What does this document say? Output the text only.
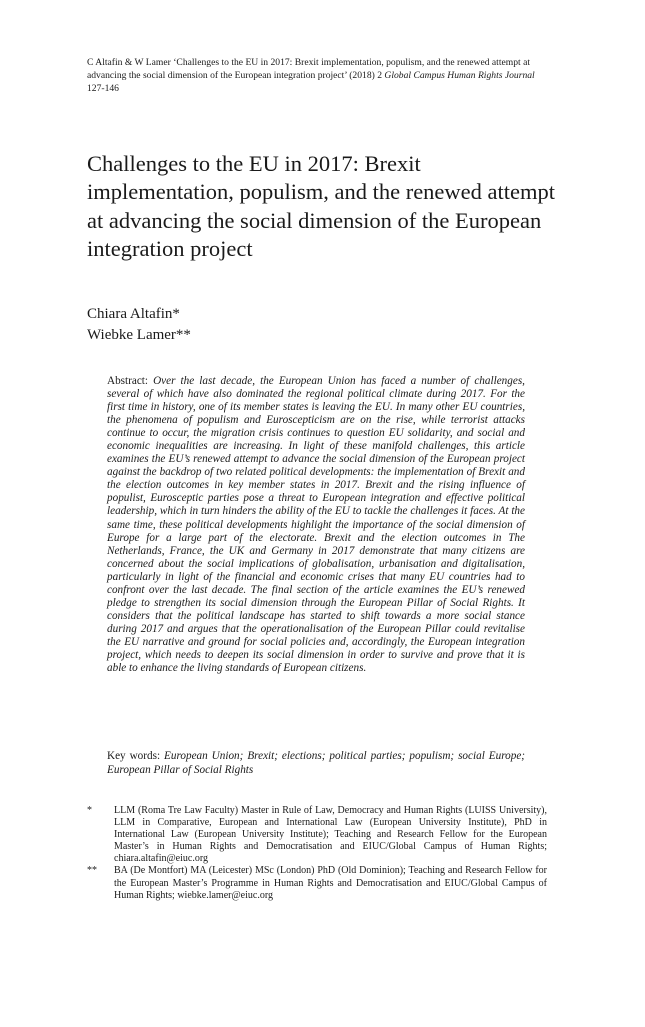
C Altafin & W Lamer ‘Challenges to the EU in 2017: Brexit implementation, populism, and the renewed attempt at advancing the social dimension of the European integration project’ (2018) 2 Global Campus Human Rights Journal 127-146
Challenges to the EU in 2017: Brexit implementation, populism, and the renewed attempt at advancing the social dimension of the European integration project
Chiara Altafin*
Wiebke Lamer**
Abstract: Over the last decade, the European Union has faced a number of challenges, several of which have also dominated the regional political climate during 2017. For the first time in history, one of its member states is leaving the EU. In many other EU countries, the phenomena of populism and Euroscepticism are on the rise, while terrorist attacks continue to occur, the migration crisis continues to question EU solidarity, and social and economic inequalities are increasing. In light of these manifold challenges, this article examines the EU’s renewed attempt to advance the social dimension of the European project against the backdrop of two related political developments: the implementation of Brexit and the election outcomes in key member states in 2017. Brexit and the rising influence of populist, Eurosceptic parties pose a threat to European integration and effective political leadership, which in turn hinders the ability of the EU to tackle the challenges it faces. At the same time, these political developments highlight the importance of the social dimension of Europe for a large part of the electorate. Brexit and the election outcomes in The Netherlands, France, the UK and Germany in 2017 demonstrate that many citizens are concerned about the social implications of globalisation, urbanisation and digitalisation, particularly in light of the financial and economic crises that many EU countries had to confront over the last decade. The final section of the article examines the EU’s renewed pledge to strengthen its social dimension through the European Pillar of Social Rights. It considers that the political landscape has started to shift towards a more social stance during 2017 and argues that the operationalisation of the European Pillar could revitalise the EU narrative and ground for social policies and, accordingly, the European integration project, which needs to deepen its social dimension in order to survive and prove that it is able to enhance the living standards of European citizens.
Key words: European Union; Brexit; elections; political parties; populism; social Europe; European Pillar of Social Rights
* LLM (Roma Tre Law Faculty) Master in Rule of Law, Democracy and Human Rights (LUISS University), LLM in Comparative, European and International Law (European University Institute), PhD in International Law (European University Institute); Teaching and Research Fellow for the European Master’s in Human Rights and Democratisation and EIUC/Global Campus of Human Rights; chiara.altafin@eiuc.org
** BA (De Montfort) MA (Leicester) MSc (London) PhD (Old Dominion); Teaching and Research Fellow for the European Master’s Programme in Human Rights and Democratisation and EIUC/Global Campus of Human Rights; wiebke.lamer@eiuc.org
